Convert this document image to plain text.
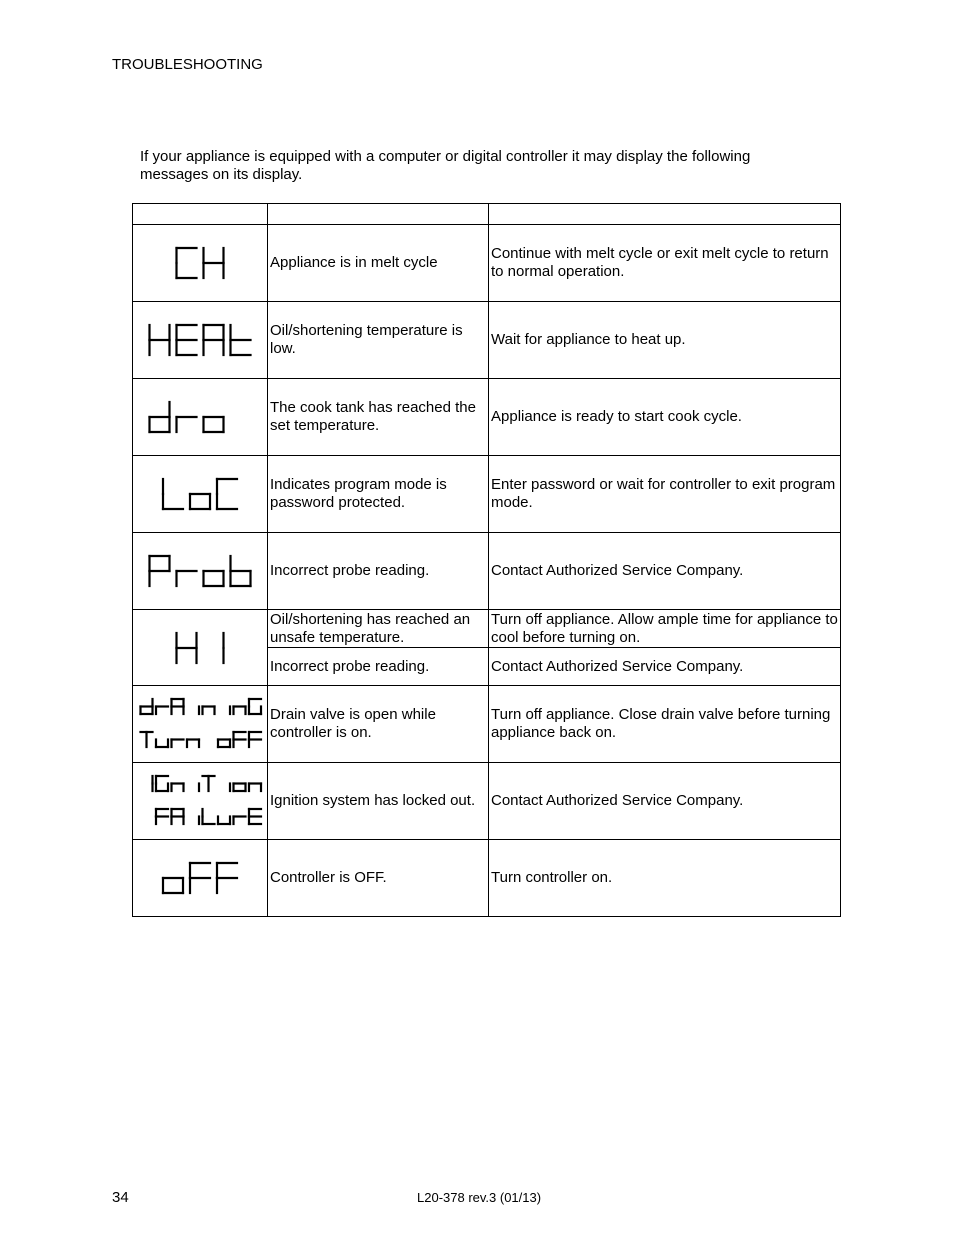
TROUBLESHOOTING
If your appliance is equipped with a computer or digital controller it may display the following messages on its display.

	Appliance is in melt cycle	Continue with melt cycle or exit melt cycle to return to normal operation.

	Oil/shortening temperature is low.	Wait for appliance to heat up.

	The cook tank has reached the set temperature.	Appliance is ready to start cook cycle.

	Indicates program mode is password protected.	Enter password or wait for controller to exit program mode.

	Incorrect probe reading.	Contact Authorized Service Company.

	Oil/shortening has reached an unsafe temperature.	Turn off appliance. Allow ample time for appliance to cool before turning on.
	Incorrect probe reading.	Contact Authorized Service Company.

	Drain valve is open while controller is on.	Turn off appliance. Close drain valve before turning appliance back on.

	Ignition system has locked out.	Contact Authorized Service Company.

	Controller is OFF.	Turn controller on.
34	L20-378 rev.3 (01/13)
